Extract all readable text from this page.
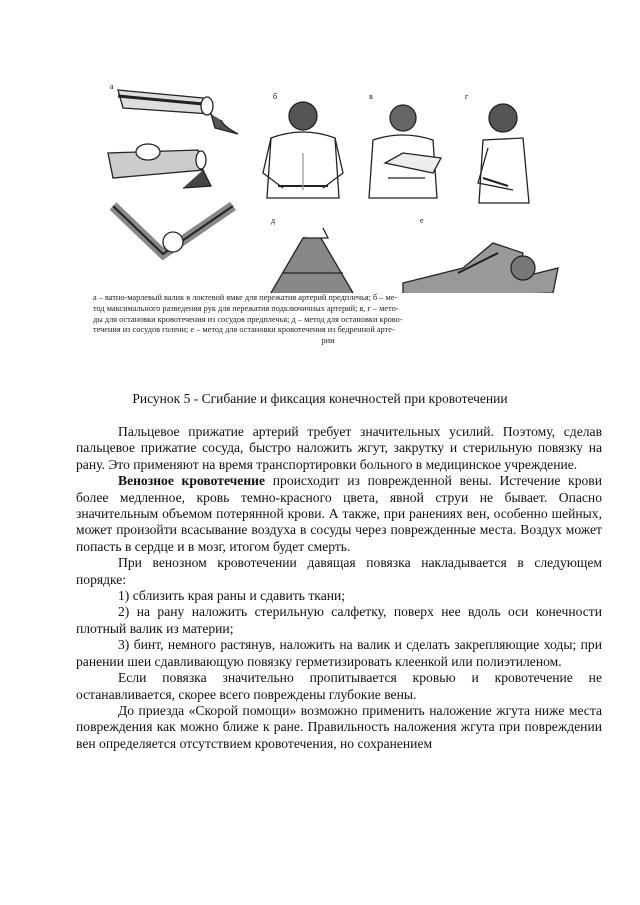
а
б	в	г
д	е
а – ватно-марлевый валик в локтевой ямке для пережатия артерий предплечья; б – ме-
тод максимального разведения рук для пережатия подключичных артерий; в, г – мето-
ды для остановки кровотечения из сосудов предплечья; д – метод для остановки крово-
течения из сосудов голени; е – метод для остановки кровотечения из бедренной арте-
рии
Рисунок 5 - Сгибание и фиксация конечностей при кровотечении

Пальцевое прижатие артерий требует значительных усилий. Поэтому, сделав пальцевое прижатие сосуда, быстро наложить жгут, закрутку и стерильную повязку на рану. Это применяют на время транспортировки больного в медицинское учреждение.

Венозное кровотечение происходит из поврежденной вены. Истечение крови более медленное, кровь темно-красного цвета, явной струи не бывает. Опасно значительным объемом потерянной крови. А также, при ранениях вен, особенно шейных, может произойти всасывание воздуха в сосуды через поврежденные места. Воздух может попасть в сердце и в мозг, итогом будет смерть.

При венозном кровотечении давящая повязка накладывается в следующем порядке:

1) сблизить края раны и сдавить ткани;

2) на рану наложить стерильную салфетку, поверх нее вдоль оси конечности плотный валик из материи;

3) бинт, немного растянув, наложить на валик и сделать закрепляющие ходы; при ранении шеи сдавливающую повязку герметизировать клеенкой или полиэтиленом.

Если повязка значительно пропитывается кровью и кровотечение не останавливается, скорее всего повреждены глубокие вены.

До приезда «Скорой помощи» возможно применить наложение жгута ниже места повреждения как можно ближе к ране. Правильность наложения жгута при повреждении вен определяется отсутствием кровотечения, но сохранением
